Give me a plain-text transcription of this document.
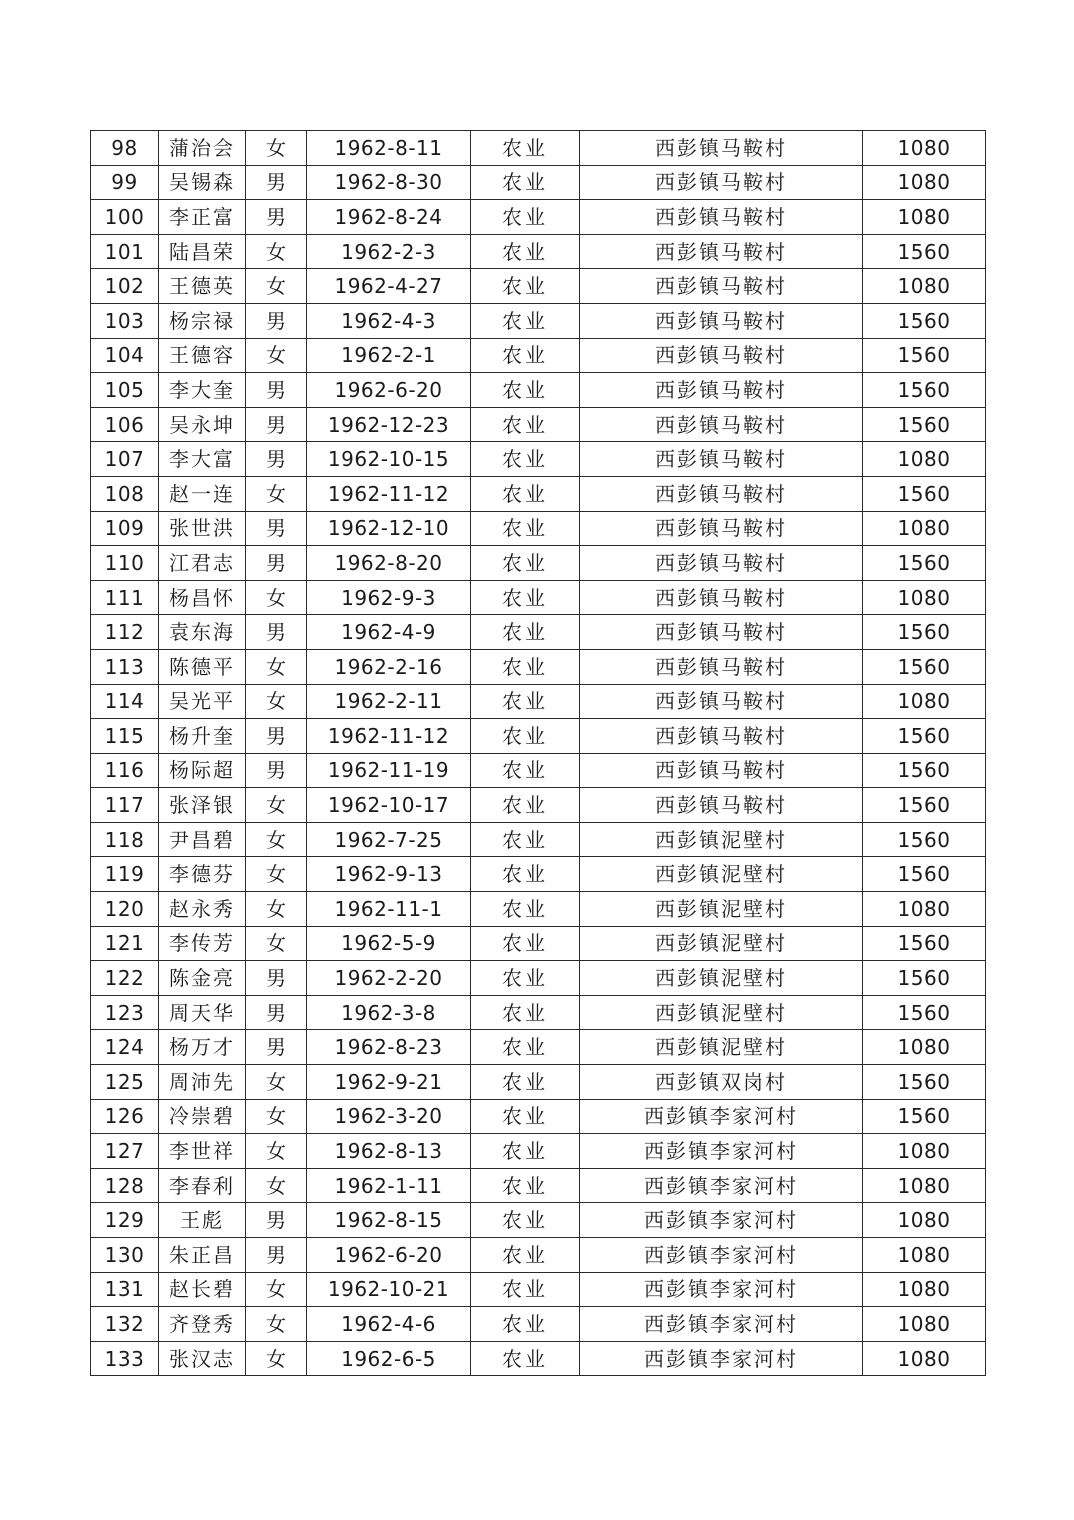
98	蒲治会	女	1962-8-11	农业	西彭镇马鞍村	1080
99	吴锡森	男	1962-8-30	农业	西彭镇马鞍村	1080
100	李正富	男	1962-8-24	农业	西彭镇马鞍村	1080
101	陆昌荣	女	1962-2-3	农业	西彭镇马鞍村	1560
102	王德英	女	1962-4-27	农业	西彭镇马鞍村	1080
103	杨宗禄	男	1962-4-3	农业	西彭镇马鞍村	1560
104	王德容	女	1962-2-1	农业	西彭镇马鞍村	1560
105	李大奎	男	1962-6-20	农业	西彭镇马鞍村	1560
106	吴永坤	男	1962-12-23	农业	西彭镇马鞍村	1560
107	李大富	男	1962-10-15	农业	西彭镇马鞍村	1080
108	赵一连	女	1962-11-12	农业	西彭镇马鞍村	1560
109	张世洪	男	1962-12-10	农业	西彭镇马鞍村	1080
110	江君志	男	1962-8-20	农业	西彭镇马鞍村	1560
111	杨昌怀	女	1962-9-3	农业	西彭镇马鞍村	1080
112	袁东海	男	1962-4-9	农业	西彭镇马鞍村	1560
113	陈德平	女	1962-2-16	农业	西彭镇马鞍村	1560
114	吴光平	女	1962-2-11	农业	西彭镇马鞍村	1080
115	杨升奎	男	1962-11-12	农业	西彭镇马鞍村	1560
116	杨际超	男	1962-11-19	农业	西彭镇马鞍村	1560
117	张泽银	女	1962-10-17	农业	西彭镇马鞍村	1560
118	尹昌碧	女	1962-7-25	农业	西彭镇泥壁村	1560
119	李德芬	女	1962-9-13	农业	西彭镇泥壁村	1560
120	赵永秀	女	1962-11-1	农业	西彭镇泥壁村	1080
121	李传芳	女	1962-5-9	农业	西彭镇泥壁村	1560
122	陈金亮	男	1962-2-20	农业	西彭镇泥壁村	1560
123	周天华	男	1962-3-8	农业	西彭镇泥壁村	1560
124	杨万才	男	1962-8-23	农业	西彭镇泥壁村	1080
125	周沛先	女	1962-9-21	农业	西彭镇双岗村	1560
126	冷崇碧	女	1962-3-20	农业	西彭镇李家河村	1560
127	李世祥	女	1962-8-13	农业	西彭镇李家河村	1080
128	李春利	女	1962-1-11	农业	西彭镇李家河村	1080
129	王彪	男	1962-8-15	农业	西彭镇李家河村	1080
130	朱正昌	男	1962-6-20	农业	西彭镇李家河村	1080
131	赵长碧	女	1962-10-21	农业	西彭镇李家河村	1080
132	齐登秀	女	1962-4-6	农业	西彭镇李家河村	1080
133	张汉志	女	1962-6-5	农业	西彭镇李家河村	1080
